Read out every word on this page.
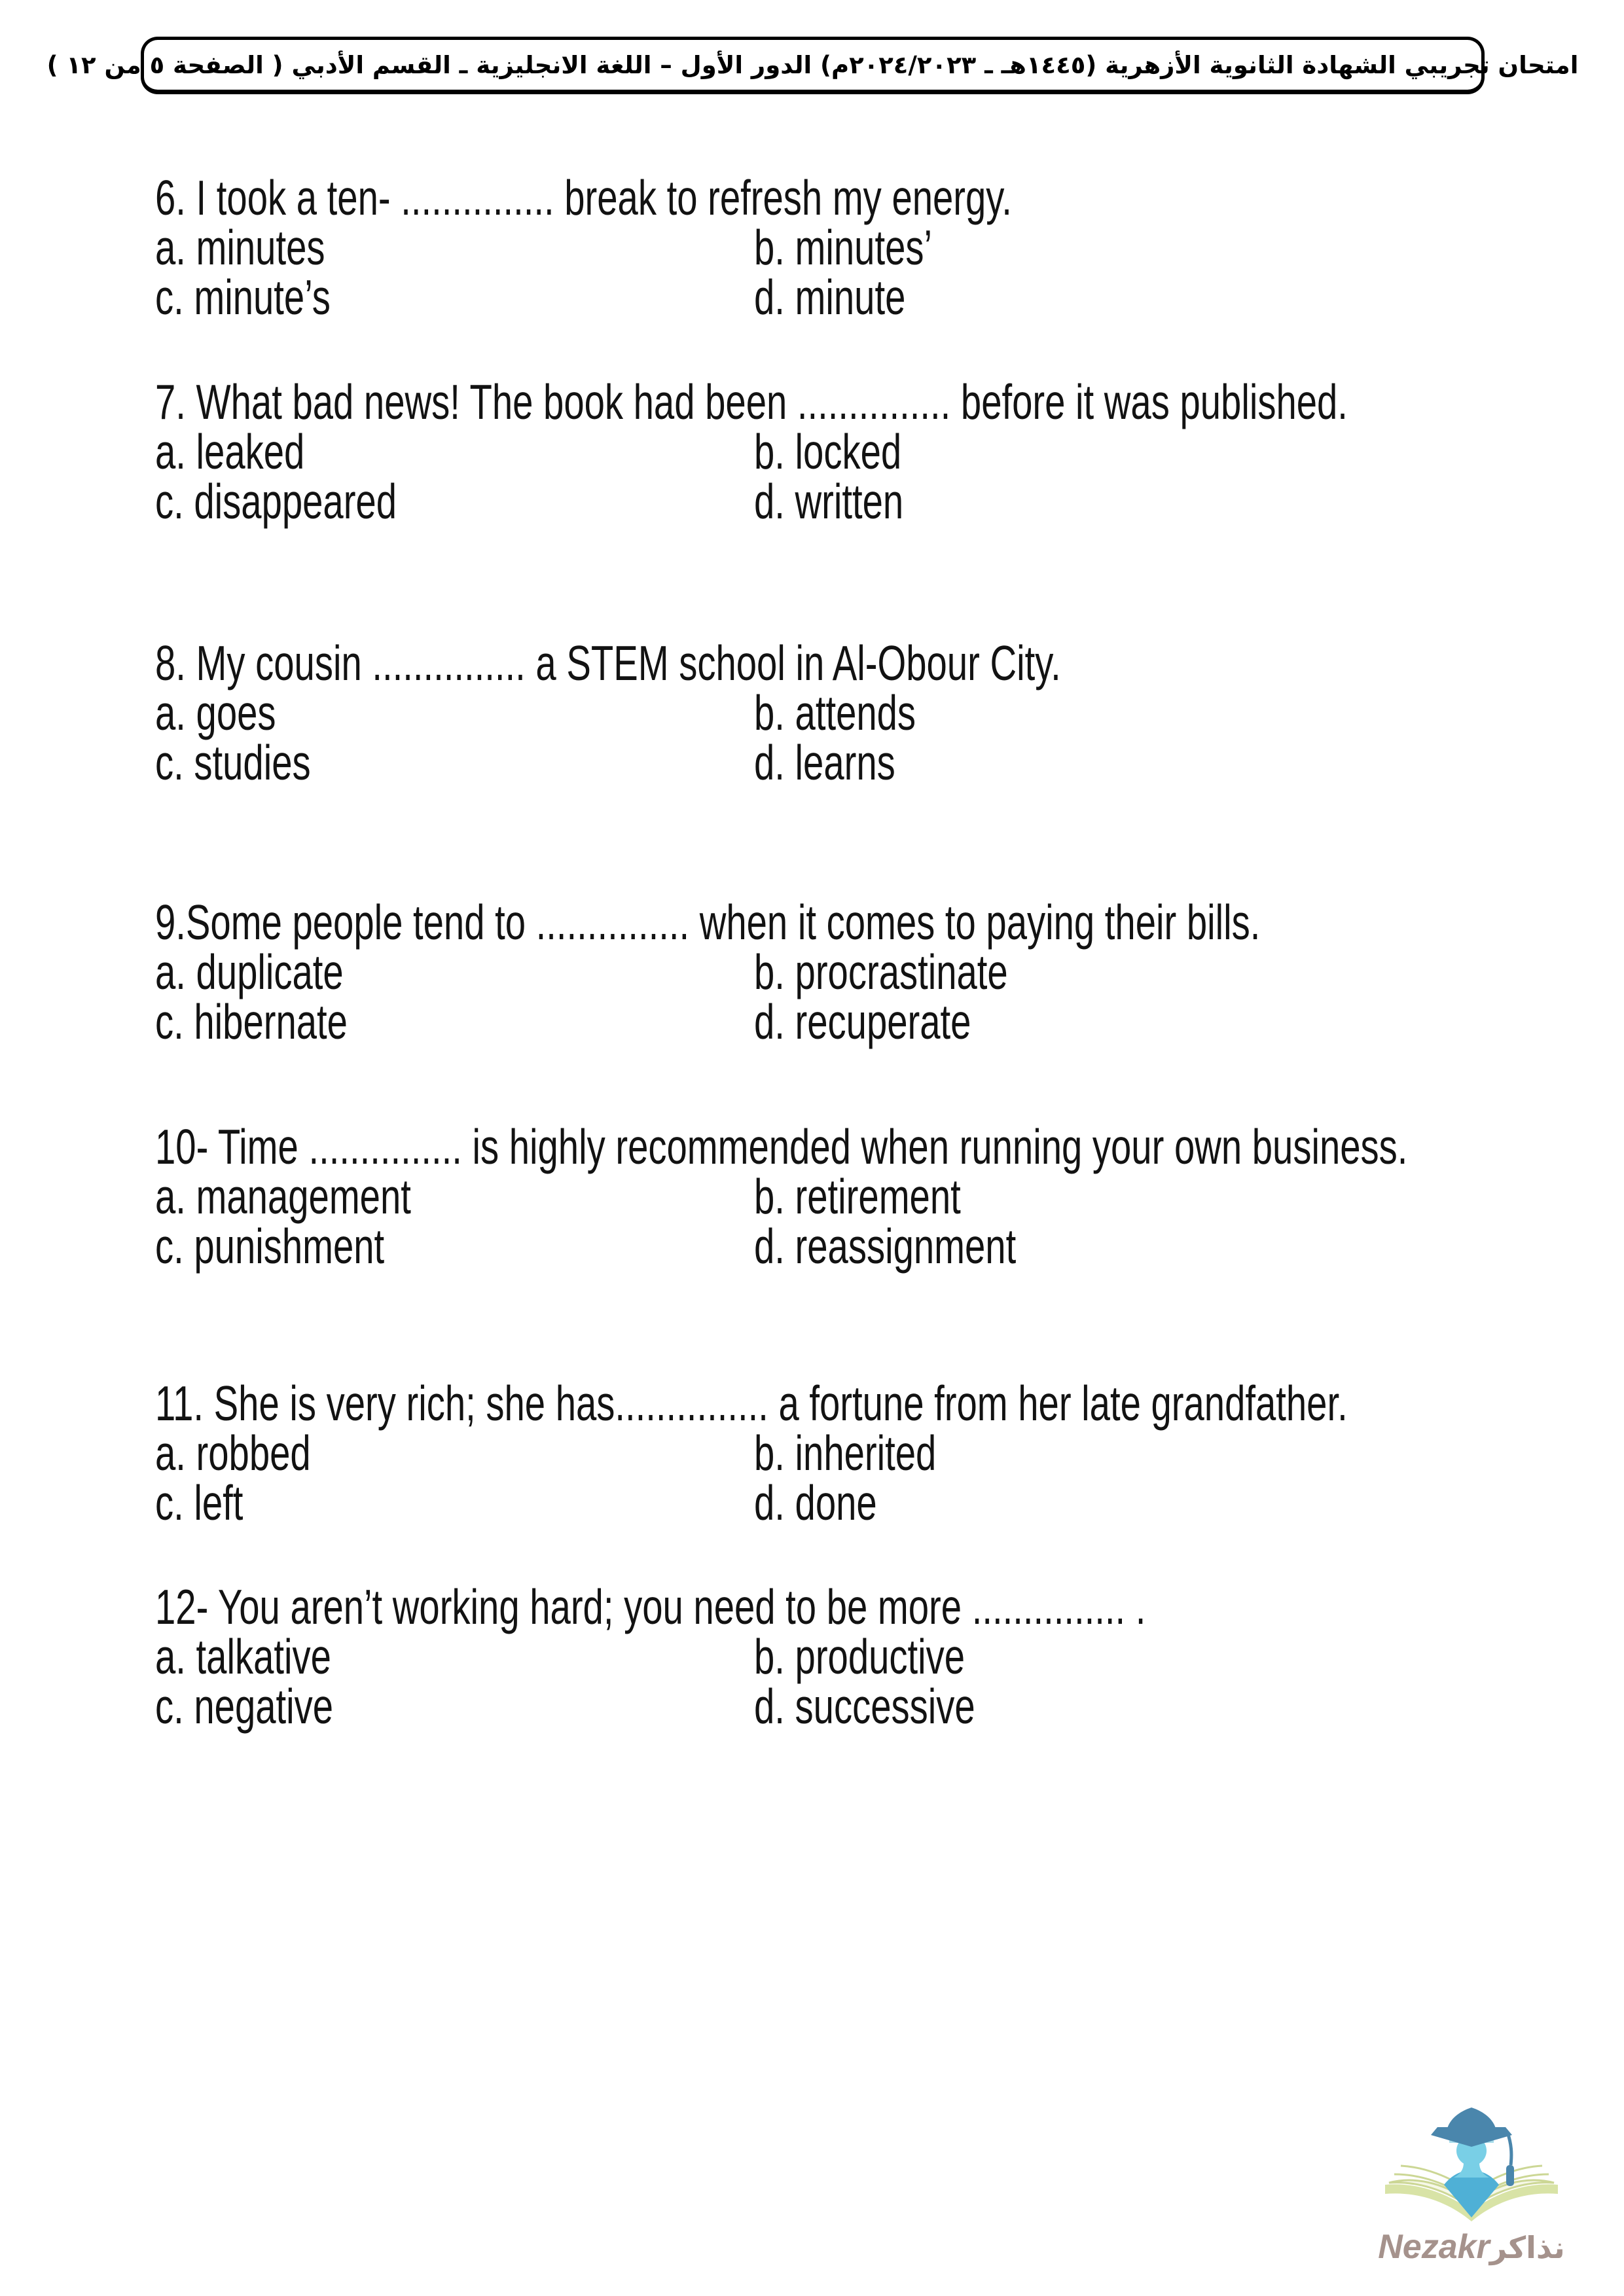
امتحان تجريبي الشهادة الثانوية الأزهرية (١٤٤٥هـ ـ ٢٠٢٤/٢٠٢٣م) الدور الأول – اللغة الانجليزية ـ القسم الأدبي ( الصفحة ٥ من ١٢ )
6. I took a ten- ............... break to refresh my energy.
a. minutes	b. minutes’
c. minute’s	d. minute
7. What bad news! The book had been ............... before it was published.
a. leaked	b. locked
c. disappeared	d. written
8. My cousin ............... a STEM school in Al-Obour City.
a. goes	b. attends
c. studies	d. learns
9.Some people tend to ............... when it comes to paying their bills.
a. duplicate	b. procrastinate
c. hibernate	d. recuperate
10- Time ............... is highly recommended when running your own business.
a. management	b. retirement
c. punishment	d. reassignment
11. She is very rich; she has............... a fortune from her late grandfather.
a. robbed	b. inherited
c. left	d. done
12- You aren’t working hard; you need to be more ............... .
a. talkative	b. productive
c. negative	d. successive
Nezakr نذاكر
